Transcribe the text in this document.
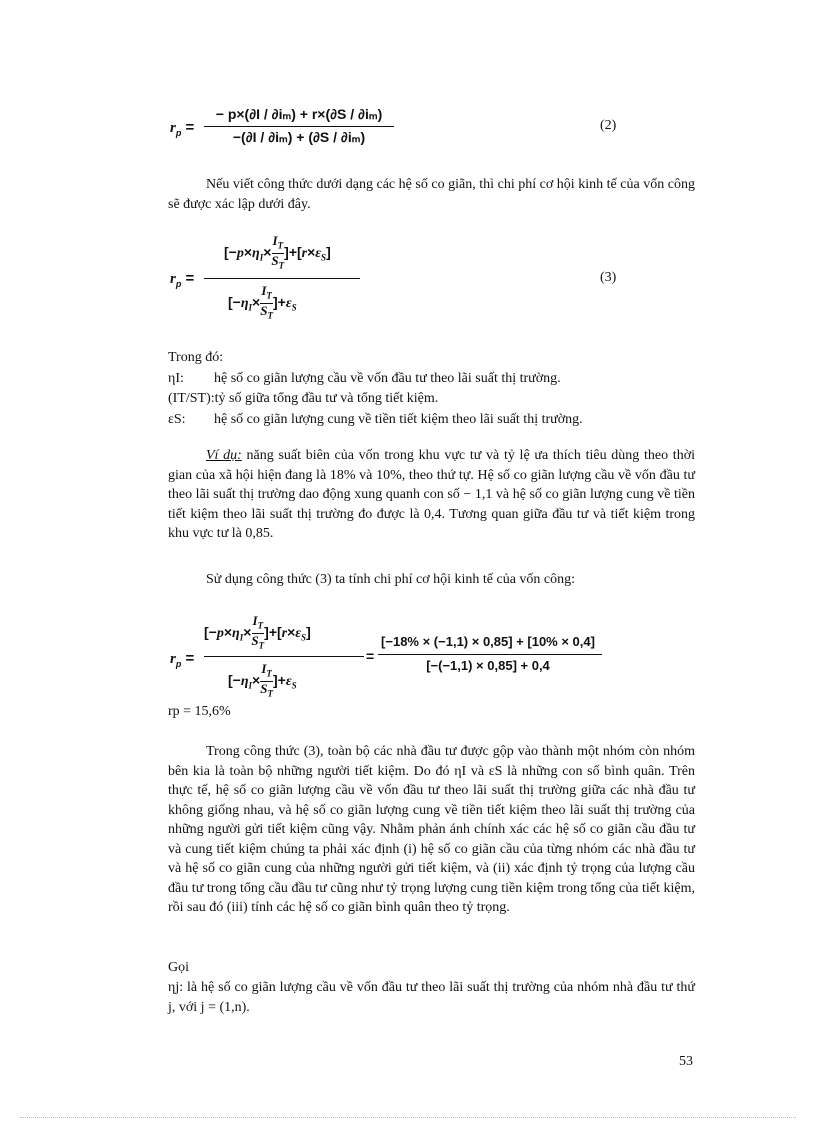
$r_p$ =
− p×(∂I / ∂iₘ) + r×(∂S / ∂iₘ)
−(∂I / ∂iₘ) + (∂S / ∂iₘ)
(2)
Nếu viết công thức dưới dạng các hệ số co giãn, thì chi phí cơ hội kinh tế của vốn công sẽ được xác lập dưới đây.
$r_p$ =
$[-p\times\eta_I\times \frac{I_T}{S_T} ]+[r\times\varepsilon_S]$
$[-\eta_I\times \frac{I_T}{S_T} ]+\varepsilon_S$
(3)
Trong đó:
ηI: hệ số co giãn lượng cầu về vốn đầu tư theo lãi suất thị trường.
(IT/ST):tỷ số giữa tổng đầu tư và tổng tiết kiệm.
εS: hệ số co giãn lượng cung về tiền tiết kiệm theo lãi suất thị trường.
Ví dụ: năng suất biên của vốn trong khu vực tư và tỷ lệ ưa thích tiêu dùng theo thời gian của xã hội hiện đang là 18% và 10%, theo thứ tự. Hệ số co giãn lượng cầu về vốn đầu tư theo lãi suất thị trường dao động xung quanh con số − 1,1 và hệ số co giãn lượng cung về tiền tiết kiệm theo lãi suất thị trường đo được là 0,4. Tương quan giữa đầu tư và tiết kiệm trong khu vực tư là 0,85.
Sử dụng công thức (3) ta tính chi phí cơ hội kinh tế của vốn công:
$r_p$ =
$[-p\times\eta_I\times \frac{I_T}{S_T} ]+[r\times\varepsilon_S]$
$[-\eta_I\times \frac{I_T}{S_T} ]+\varepsilon_S$
=
[−18% × (−1,1) × 0,85] + [10% × 0,4]
[−(−1,1) × 0,85] + 0,4
rp = 15,6%
Trong công thức (3), toàn bộ các nhà đầu tư được gộp vào thành một nhóm còn nhóm bên kia là toàn bộ những người tiết kiệm. Do đó ηI và εS là những con số bình quân. Trên thực tế, hệ số co giãn lượng cầu về vốn đầu tư theo lãi suất thị trường giữa các nhà đầu tư không giống nhau, và hệ số co giãn lượng cung về tiền tiết kiệm theo lãi suất thị trường của những người gửi tiết kiệm cũng vậy. Nhằm phản ánh chính xác các hệ số co giãn cầu đầu tư và cung tiết kiệm chúng ta phải xác định (i) hệ số co giãn cầu của từng nhóm các nhà đầu tư và hệ số co giãn cung của những người gửi tiết kiệm, và (ii) xác định tỷ trọng của lượng cầu đầu tư trong tổng cầu đầu tư cũng như tỷ trọng lượng cung tiền kiệm trong tổng của tiết kiệm, rồi sau đó (iii) tính các hệ số co giãn bình quân theo tỷ trọng.
Gọi
ηj: là hệ số co giãn lượng cầu về vốn đầu tư theo lãi suất thị trường của nhóm nhà đầu tư thứ j, với j = (1,n).
53
